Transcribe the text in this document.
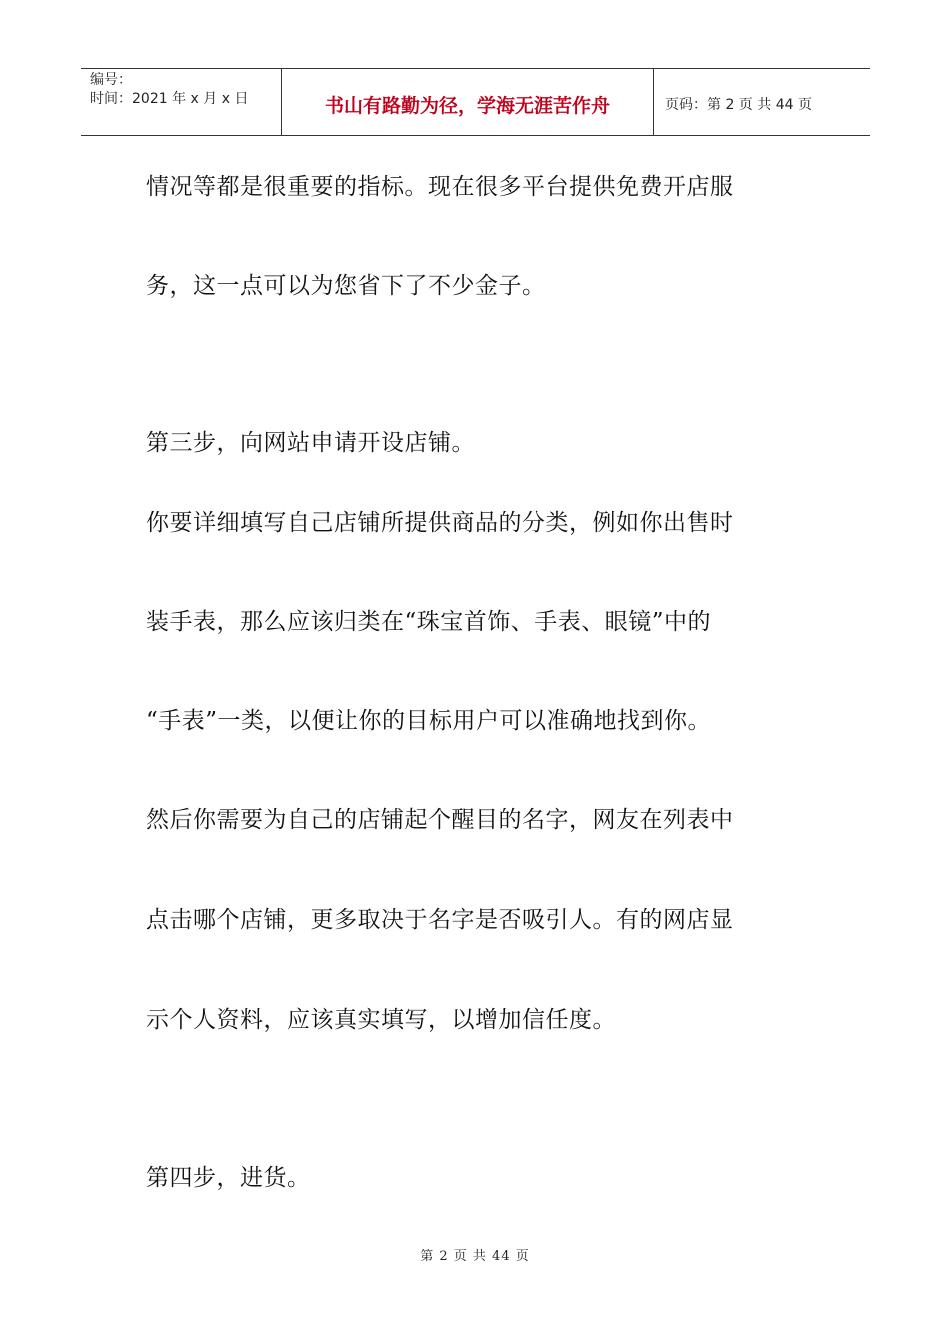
编号：
时间：2021 年 x 月 x 日	书山有路勤为径，学海无涯苦作舟	页码：第 2 页 共 44 页
情况等都是很重要的指标。现在很多平台提供免费开店服
务，这一点可以为您省下了不少金子。
第三步，向网站申请开设店铺。
你要详细填写自己店铺所提供商品的分类，例如你出售时
装手表，那么应该归类在“珠宝首饰、手表、眼镜”中的
“手表”一类，以便让你的目标用户可以准确地找到你。
然后你需要为自己的店铺起个醒目的名字，网友在列表中
点击哪个店铺，更多取决于名字是否吸引人。有的网店显
示个人资料，应该真实填写，以增加信任度。
第四步，进货。
第 2 页 共 44 页
